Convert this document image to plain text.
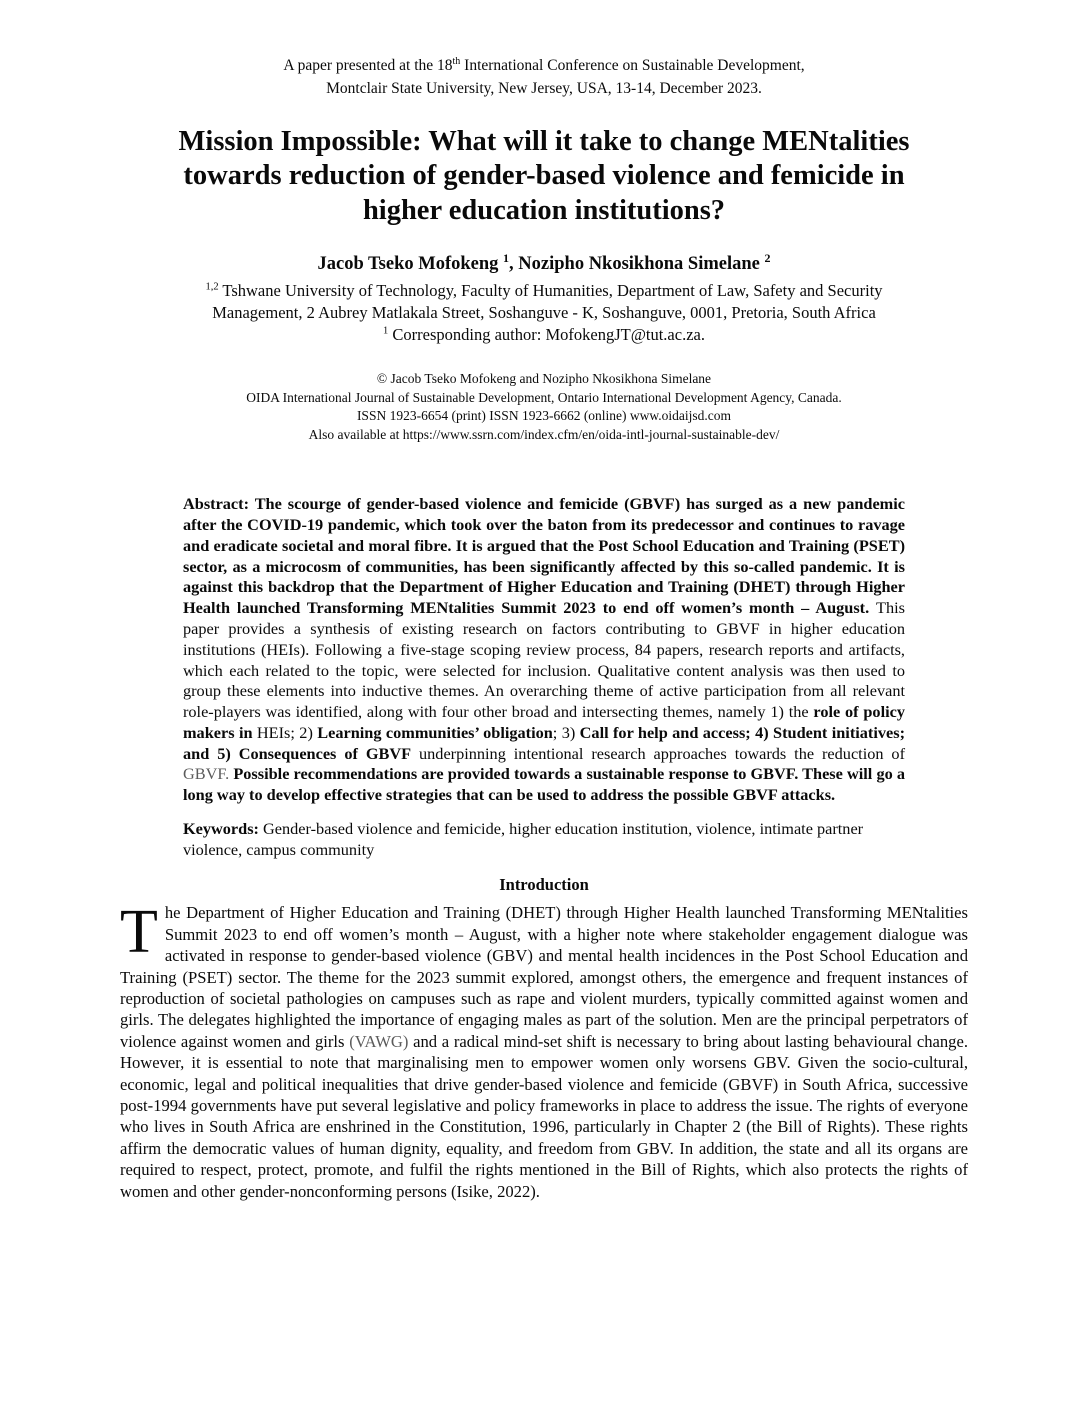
A paper presented at the 18th International Conference on Sustainable Development,
Montclair State University, New Jersey, USA, 13-14, December 2023.
Mission Impossible: What will it take to change MENtalities
towards reduction of gender-based violence and femicide in
higher education institutions?
Jacob Tseko Mofokeng $^1$, Nozipho Nkosikhona Simelane $^2$
$^{1,2}$ Tshwane University of Technology, Faculty of Humanities, Department of Law, Safety and Security
Management, 2 Aubrey Matlakala Street, Soshanguve - K, Soshanguve, 0001, Pretoria, South Africa
$^1$ Corresponding author: MofokengJT@tut.ac.za.
© Jacob Tseko Mofokeng and Nozipho Nkosikhona Simelane
OIDA International Journal of Sustainable Development, Ontario International Development Agency, Canada.
ISSN 1923-6654 (print) ISSN 1923-6662 (online) www.oidaijsd.com
Also available at https://www.ssrn.com/index.cfm/en/oida-intl-journal-sustainable-dev/

Abstract: The scourge of gender-based violence and femicide (GBVF) has surged as a new pandemic after the COVID-19 pandemic, which took over the baton from its predecessor and continues to ravage and eradicate societal and moral fibre. It is argued that the Post School Education and Training (PSET) sector, as a microcosm of communities, has been significantly affected by this so-called pandemic. It is against this backdrop that the Department of Higher Education and Training (DHET) through Higher Health launched Transforming MENtalities Summit 2023 to end off women’s month – August. This paper provides a synthesis of existing research on factors contributing to GBVF in higher education institutions (HEIs). Following a five-stage scoping review process, 84 papers, research reports and artifacts, which each related to the topic, were selected for inclusion. Qualitative content analysis was then used to group these elements into inductive themes. An overarching theme of active participation from all relevant role-players was identified, along with four other broad and intersecting themes, namely 1) the role of policy makers in HEIs; 2) Learning communities’ obligation; 3) Call for help and access; 4) Student initiatives; and 5) Consequences of GBVF underpinning intentional research approaches towards the reduction of GBVF. Possible recommendations are provided towards a sustainable response to GBVF. These will go a long way to develop effective strategies that can be used to address the possible GBVF attacks.

Keywords: Gender-based violence and femicide, higher education institution, violence, intimate partner violence, campus community

Introduction

The Department of Higher Education and Training (DHET) through Higher Health launched Transforming MENtalities Summit 2023 to end off women’s month – August, with a higher note where stakeholder engagement dialogue was activated in response to gender-based violence (GBV) and mental health incidences in the Post School Education and Training (PSET) sector. The theme for the 2023 summit explored, amongst others, the emergence and frequent instances of reproduction of societal pathologies on campuses such as rape and violent murders, typically committed against women and girls. The delegates highlighted the importance of engaging males as part of the solution. Men are the principal perpetrators of violence against women and girls (VAWG) and a radical mind-set shift is necessary to bring about lasting behavioural change. However, it is essential to note that marginalising men to empower women only worsens GBV. Given the socio-cultural, economic, legal and political inequalities that drive gender-based violence and femicide (GBVF) in South Africa, successive post-1994 governments have put several legislative and policy frameworks in place to address the issue. The rights of everyone who lives in South Africa are enshrined in the Constitution, 1996, particularly in Chapter 2 (the Bill of Rights). These rights affirm the democratic values of human dignity, equality, and freedom from GBV. In addition, the state and all its organs are required to respect, protect, promote, and fulfil the rights mentioned in the Bill of Rights, which also protects the rights of women and other gender-nonconforming persons (Isike, 2022).
